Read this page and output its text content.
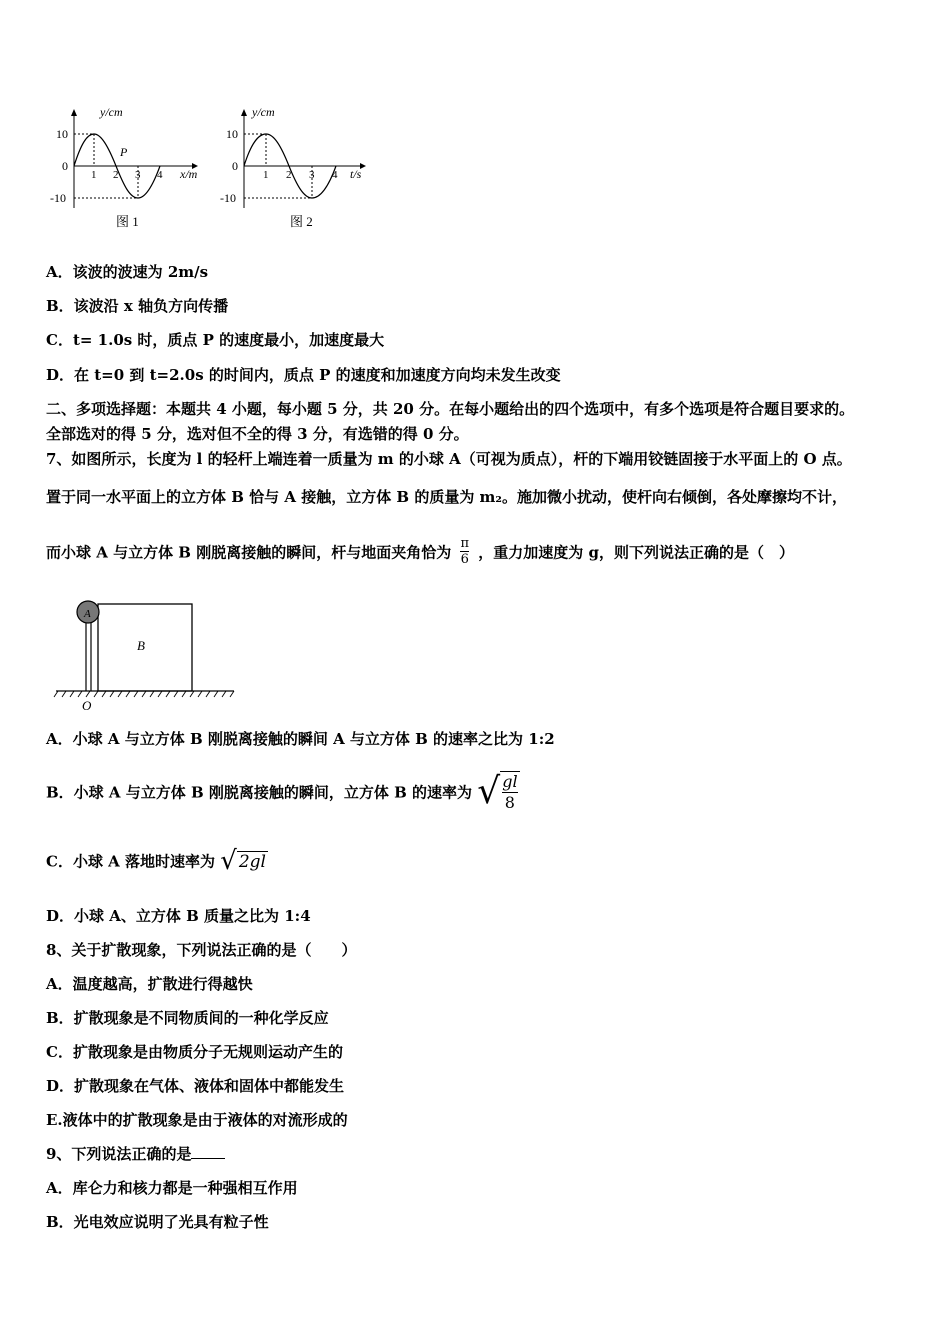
y/cm
10
0
-10
1 2 3 4
P
x/m
图 1
y/cm
10
0
-10
1 2 3 4 t/s
图 2
A．该波的波速为 2m/s
B．该波沿 x 轴负方向传播
C．t= 1.0s 时，质点 P 的速度最小，加速度最大
D．在 t=0 到 t=2.0s 的时间内，质点 P 的速度和加速度方向均未发生改变
二、多项选择题：本题共 4 小题，每小题 5 分，共 20 分。在每小题给出的四个选项中，有多个选项是符合题目要求的。
全部选对的得 5 分，选对但不全的得 3 分，有选错的得 0 分。
7、如图所示，长度为 l 的轻杆上端连着一质量为 m 的小球 A（可视为质点），杆的下端用铰链固接于水平面上的 O 点。
置于同一水平面上的立方体 B 恰与 A 接触，立方体 B 的质量为 m₂。施加微小扰动，使杆向右倾倒，各处摩擦均不计，
而小球 A 与立方体 B 刚脱离接触的瞬间，杆与地面夹角恰为 $\frac{\pi}{6}$ ，重力加速度为 g，则下列说法正确的是（　）
A
B
O
A．小球 A 与立方体 B 刚脱离接触的瞬间 A 与立方体 B 的速率之比为 1:2
B．小球 A 与立方体 B 刚脱离接触的瞬间，立方体 B 的速率为 √ $\frac{gl}{8}$
C．小球 A 落地时速率为 √ 2gl
D．小球 A、立方体 B 质量之比为 1:4
8、关于扩散现象，下列说法正确的是（　　）
A．温度越高，扩散进行得越快
B．扩散现象是不同物质间的一种化学反应
C．扩散现象是由物质分子无规则运动产生的
D．扩散现象在气体、液体和固体中都能发生
E.液体中的扩散现象是由于液体的对流形成的
9、下列说法正确的是
A．库仑力和核力都是一种强相互作用
B．光电效应说明了光具有粒子性
